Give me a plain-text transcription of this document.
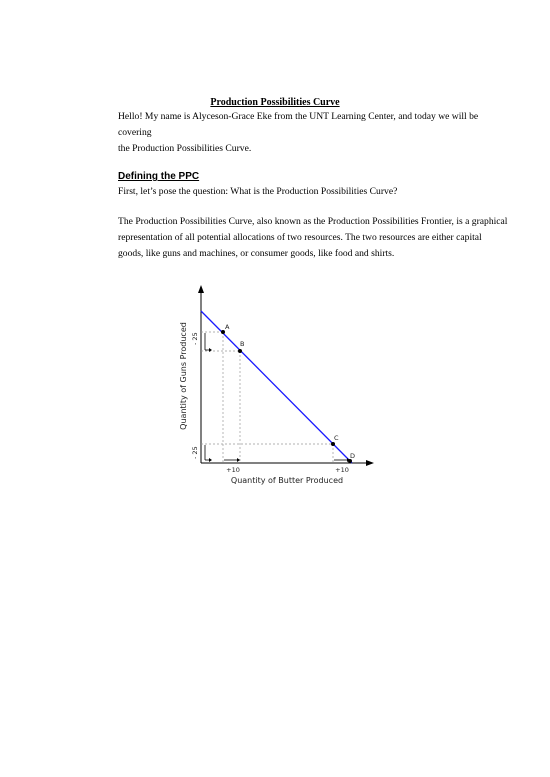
Production Possibilities Curve
Hello! My name is Alyceson-Grace Eke from the UNT Learning Center, and today we will be covering
the Production Possibilities Curve.
Defining the PPC
First, let’s pose the question: What is the Production Possibilities Curve?
The Production Possibilities Curve, also known as the Production Possibilities Frontier, is a graphical representation of all potential allocations of two resources. The two resources are either capital goods, like guns and machines, or consumer goods, like food and shirts.
A
B
C
D
- 25
- 25
+10	+10
Quantity of Guns Produced
Quantity of Butter Produced
